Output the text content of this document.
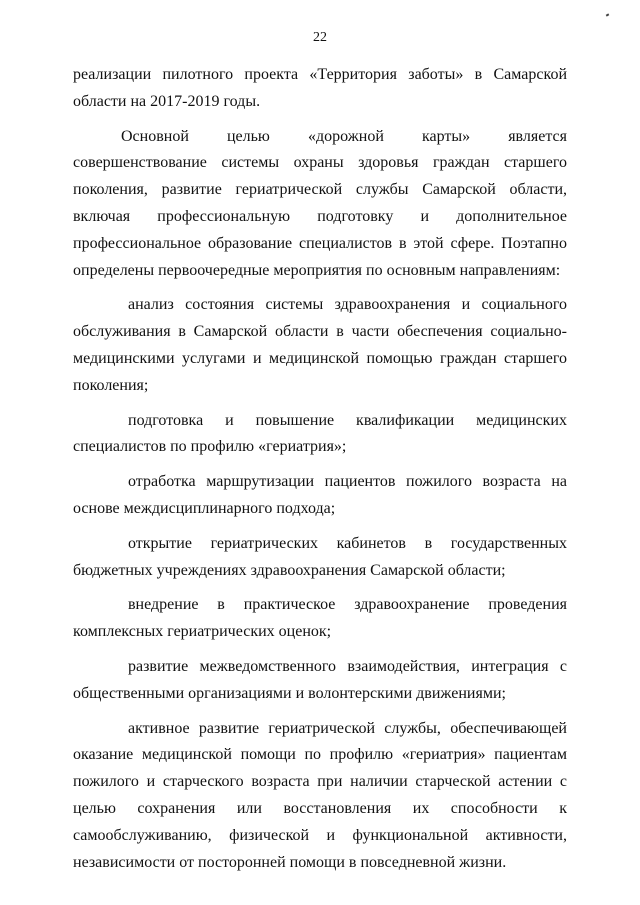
22

реализации пилотного проекта «Территория заботы» в Самарской области на 2017-2019 годы.

Основной целью «дорожной карты» является совершенствование системы охраны здоровья граждан старшего поколения, развитие гериатрической службы Самарской области, включая профессиональную подготовку и дополнительное профессиональное образование специалистов в этой сфере. Поэтапно определены первоочередные мероприятия по основным направлениям:

анализ состояния системы здравоохранения и социального обслуживания в Самарской области в части обеспечения социально-медицинскими услугами и медицинской помощью граждан старшего поколения;

подготовка и повышение квалификации медицинских специалистов по профилю «гериатрия»;

отработка маршрутизации пациентов пожилого возраста на основе междисциплинарного подхода;

открытие гериатрических кабинетов в государственных бюджетных учреждениях здравоохранения Самарской области;

внедрение в практическое здравоохранение проведения комплексных гериатрических оценок;

развитие межведомственного взаимодействия, интеграция с общественными организациями и волонтерскими движениями;

активное развитие гериатрической службы, обеспечивающей оказание медицинской помощи по профилю «гериатрия» пациентам пожилого и старческого возраста при наличии старческой астении с целью сохранения или восстановления их способности к самообслуживанию, физической и функциональной активности, независимости от посторонней помощи в повседневной жизни.
